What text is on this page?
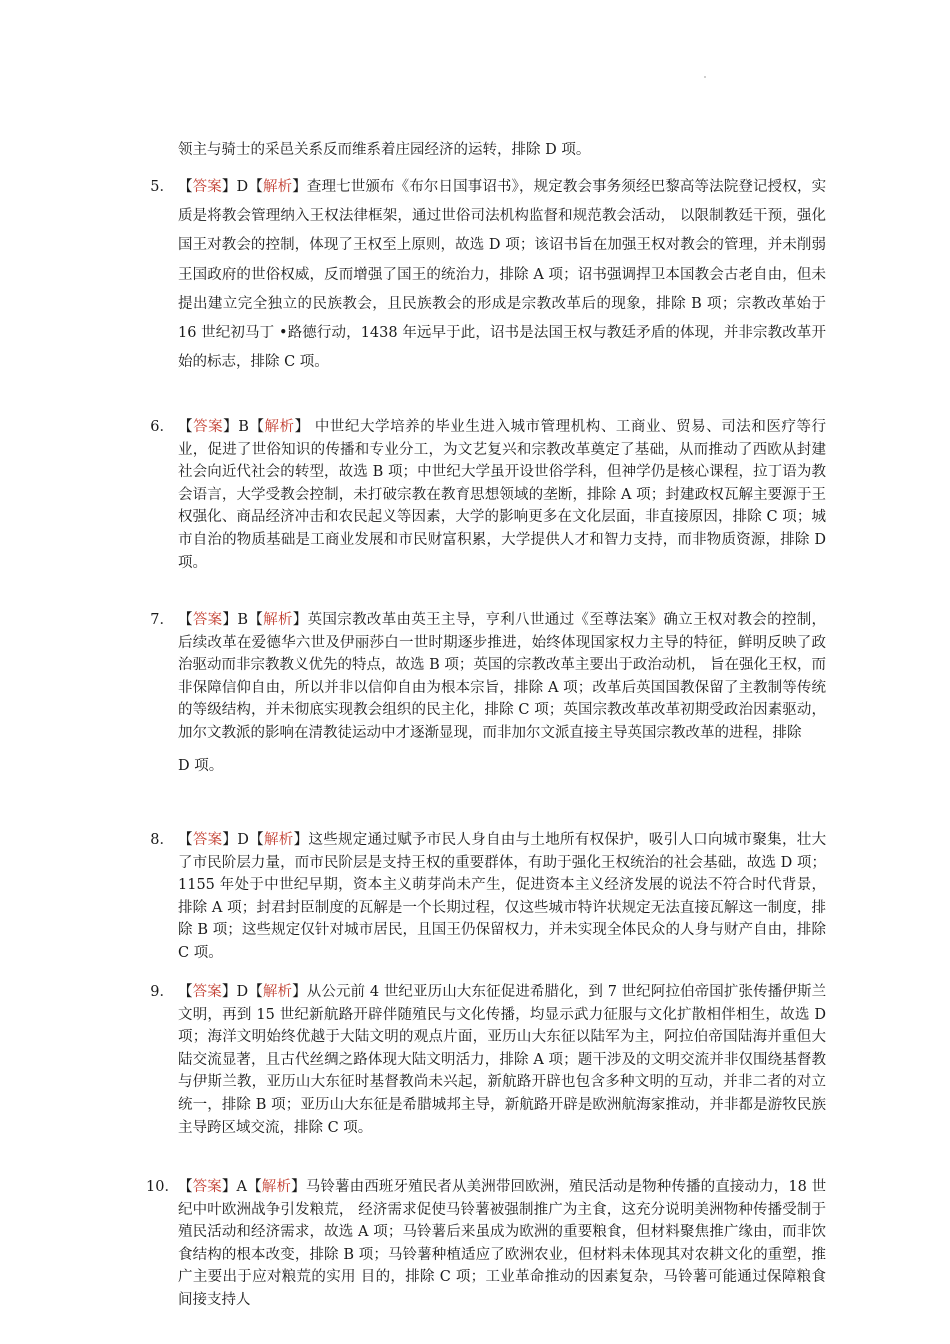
领主与骑士的采邑关系反而维系着庄园经济的运转，排除 D 项。

5． 【答案】D【解析】查理七世颁布《布尔日国事诏书》，规定教会事务须经巴黎高等法院登记授权，实质是将教会管理纳入王权法律框架，通过世俗司法机构监督和规范教会活动， 以限制教廷干预，强化国王对教会的控制，体现了王权至上原则，故选 D 项；该诏书旨在加强王权对教会的管理，并未削弱王国政府的世俗权威，反而增强了国王的统治力，排除 A 项；诏书强调捍卫本国教会古老自由，但未提出建立完全独立的民族教会，且民族教会的形成是宗教改革后的现象，排除 B 项；宗教改革始于 16 世纪初马丁 •路德行动，1438 年远早于此，诏书是法国王权与教廷矛盾的体现，并非宗教改革开始的标志，排除 C 项。
6． 【答案】B【解析】 中世纪大学培养的毕业生进入城市管理机构、工商业、贸易、司法和医疗等行业，促进了世俗知识的传播和专业分工，为文艺复兴和宗教改革奠定了基础，从而推动了西欧从封建社会向近代社会的转型，故选 B 项；中世纪大学虽开设世俗学科，但神学仍是核心课程，拉丁语为教会语言，大学受教会控制，未打破宗教在教育思想领域的垄断，排除 A 项；封建政权瓦解主要源于王权强化、商品经济冲击和农民起义等因素，大学的影响更多在文化层面，非直接原因，排除 C 项；城市自治的物质基础是工商业发展和市民财富积累，大学提供人才和智力支持，而非物质资源，排除 D 项。
7． 【答案】B【解析】英国宗教改革由英王主导，亨利八世通过《至尊法案》确立王权对教会的控制，后续改革在爱德华六世及伊丽莎白一世时期逐步推进，始终体现国家权力主导的特征，鲜明反映了政治驱动而非宗教教义优先的特点，故选 B 项；英国的宗教改革主要出于政治动机， 旨在强化王权，而非保障信仰自由，所以并非以信仰自由为根本宗旨，排除 A 项；改革后英国国教保留了主教制等传统的等级结构，并未彻底实现教会组织的民主化，排除 C 项；英国宗教改革改革初期受政治因素驱动，加尔文教派的影响在清教徒运动中才逐渐显现，而非加尔文派直接主导英国宗教改革的进程，排除
D 项。
8． 【答案】D【解析】这些规定通过赋予市民人身自由与土地所有权保护，吸引人口向城市聚集，壮大了市民阶层力量，而市民阶层是支持王权的重要群体，有助于强化王权统治的社会基础，故选 D 项；1155 年处于中世纪早期，资本主义萌芽尚未产生，促进资本主义经济发展的说法不符合时代背景，排除 A 项；封君封臣制度的瓦解是一个长期过程，仅这些城市特许状规定无法直接瓦解这一制度，排除 B 项；这些规定仅针对城市居民，且国王仍保留权力，并未实现全体民众的人身与财产自由，排除 C 项。
9． 【答案】D【解析】从公元前 4 世纪亚历山大东征促进希腊化，到 7 世纪阿拉伯帝国扩张传播伊斯兰文明，再到 15 世纪新航路开辟伴随殖民与文化传播，均显示武力征服与文化扩散相伴相生，故选 D 项；海洋文明始终优越于大陆文明的观点片面，亚历山大东征以陆军为主，阿拉伯帝国陆海并重但大陆交流显著，且古代丝绸之路体现大陆文明活力，排除 A 项；题干涉及的文明交流并非仅围绕基督教与伊斯兰教，亚历山大东征时基督教尚未兴起，新航路开辟也包含多种文明的互动，并非二者的对立统一，排除 B 项；亚历山大东征是希腊城邦主导，新航路开辟是欧洲航海家推动，并非都是游牧民族主导跨区域交流，排除 C 项。
10． 【答案】A【解析】马铃薯由西班牙殖民者从美洲带回欧洲，殖民活动是物种传播的直接动力，18 世纪中叶欧洲战争引发粮荒， 经济需求促使马铃薯被强制推广为主食，这充分说明美洲物种传播受制于殖民活动和经济需求，故选 A 项；马铃薯后来虽成为欧洲的重要粮食，但材料聚焦推广缘由，而非饮食结构的根本改变，排除 B 项；马铃薯种植适应了欧洲农业，但材料未体现其对农耕文化的重塑，推广主要出于应对粮荒的实用 目的，排除 C 项；工业革命推动的因素复杂，马铃薯可能通过保障粮食间接支持人
